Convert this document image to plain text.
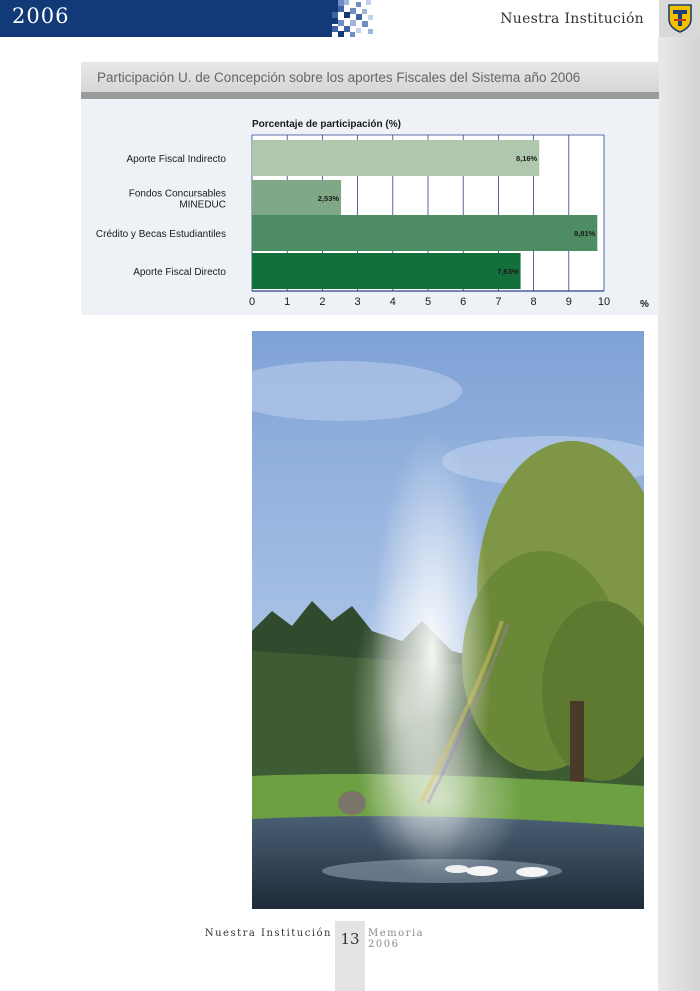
2006	Nuestra Institución
Participación U. de Concepción sobre los aportes Fiscales del Sistema año 2006
Porcentaje de participación (%)
8,16%
Aporte Fiscal Indirecto
2,53%
Fondos Concursables
MINEDUC
9,81%
Crédito y Becas Estudiantiles
7,63%
Aporte Fiscal Directo
0	1	2	3	4	5	6	7	8	9 10	%
Nuestra Institución 13 Memoria
2006
